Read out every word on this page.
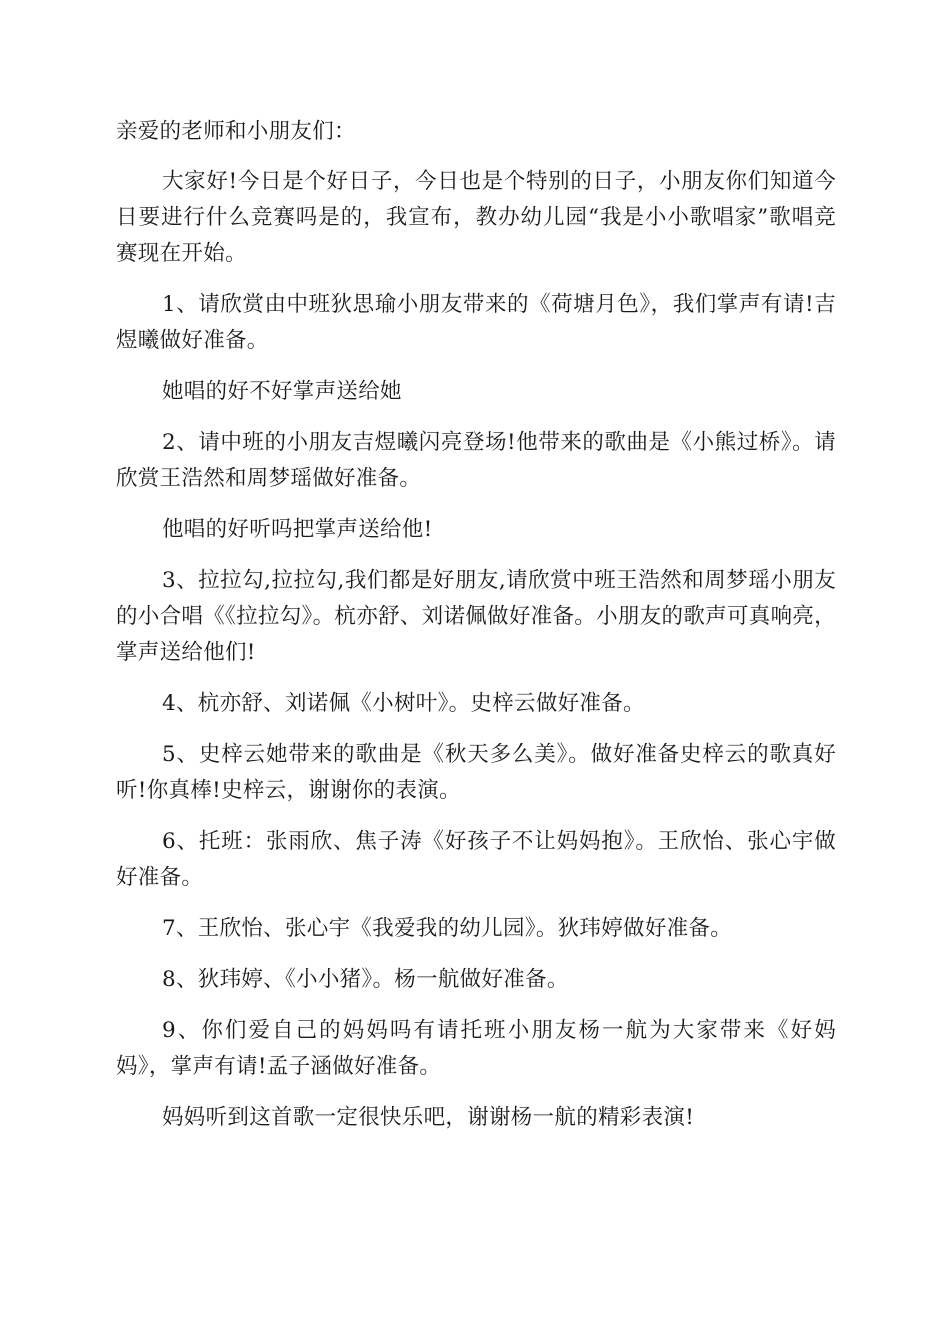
亲爱的老师和小朋友们：

大家好!今日是个好日子，今日也是个特别的日子，小朋友你们知道今日要进行什么竞赛吗是的，我宣布，教办幼儿园“我是小小歌唱家”歌唱竞赛现在开始。

1、请欣赏由中班狄思瑜小朋友带来的《荷塘月色》，我们掌声有请!吉煜曦做好准备。

她唱的好不好掌声送给她

2、请中班的小朋友吉煜曦闪亮登场!他带来的歌曲是《小熊过桥》。请欣赏王浩然和周梦瑶做好准备。

他唱的好听吗把掌声送给他!

3、拉拉勾,拉拉勾,我们都是好朋友,请欣赏中班王浩然和周梦瑶小朋友的小合唱《《拉拉勾》。杭亦舒、刘诺佩做好准备。小朋友的歌声可真响亮，掌声送给他们!

4、杭亦舒、刘诺佩《小树叶》。史梓云做好准备。

5、史梓云她带来的歌曲是《秋天多么美》。做好准备史梓云的歌真好听!你真棒!史梓云，谢谢你的表演。

6、托班：张雨欣、焦子涛《好孩子不让妈妈抱》。王欣怡、张心宇做好准备。

7、王欣怡、张心宇《我爱我的幼儿园》。狄玮婷做好准备。

8、狄玮婷、《小小猪》。杨一航做好准备。

9、你们爱自己的妈妈吗有请托班小朋友杨一航为大家带来《好妈妈》，掌声有请!孟子涵做好准备。

妈妈听到这首歌一定很快乐吧，谢谢杨一航的精彩表演!
